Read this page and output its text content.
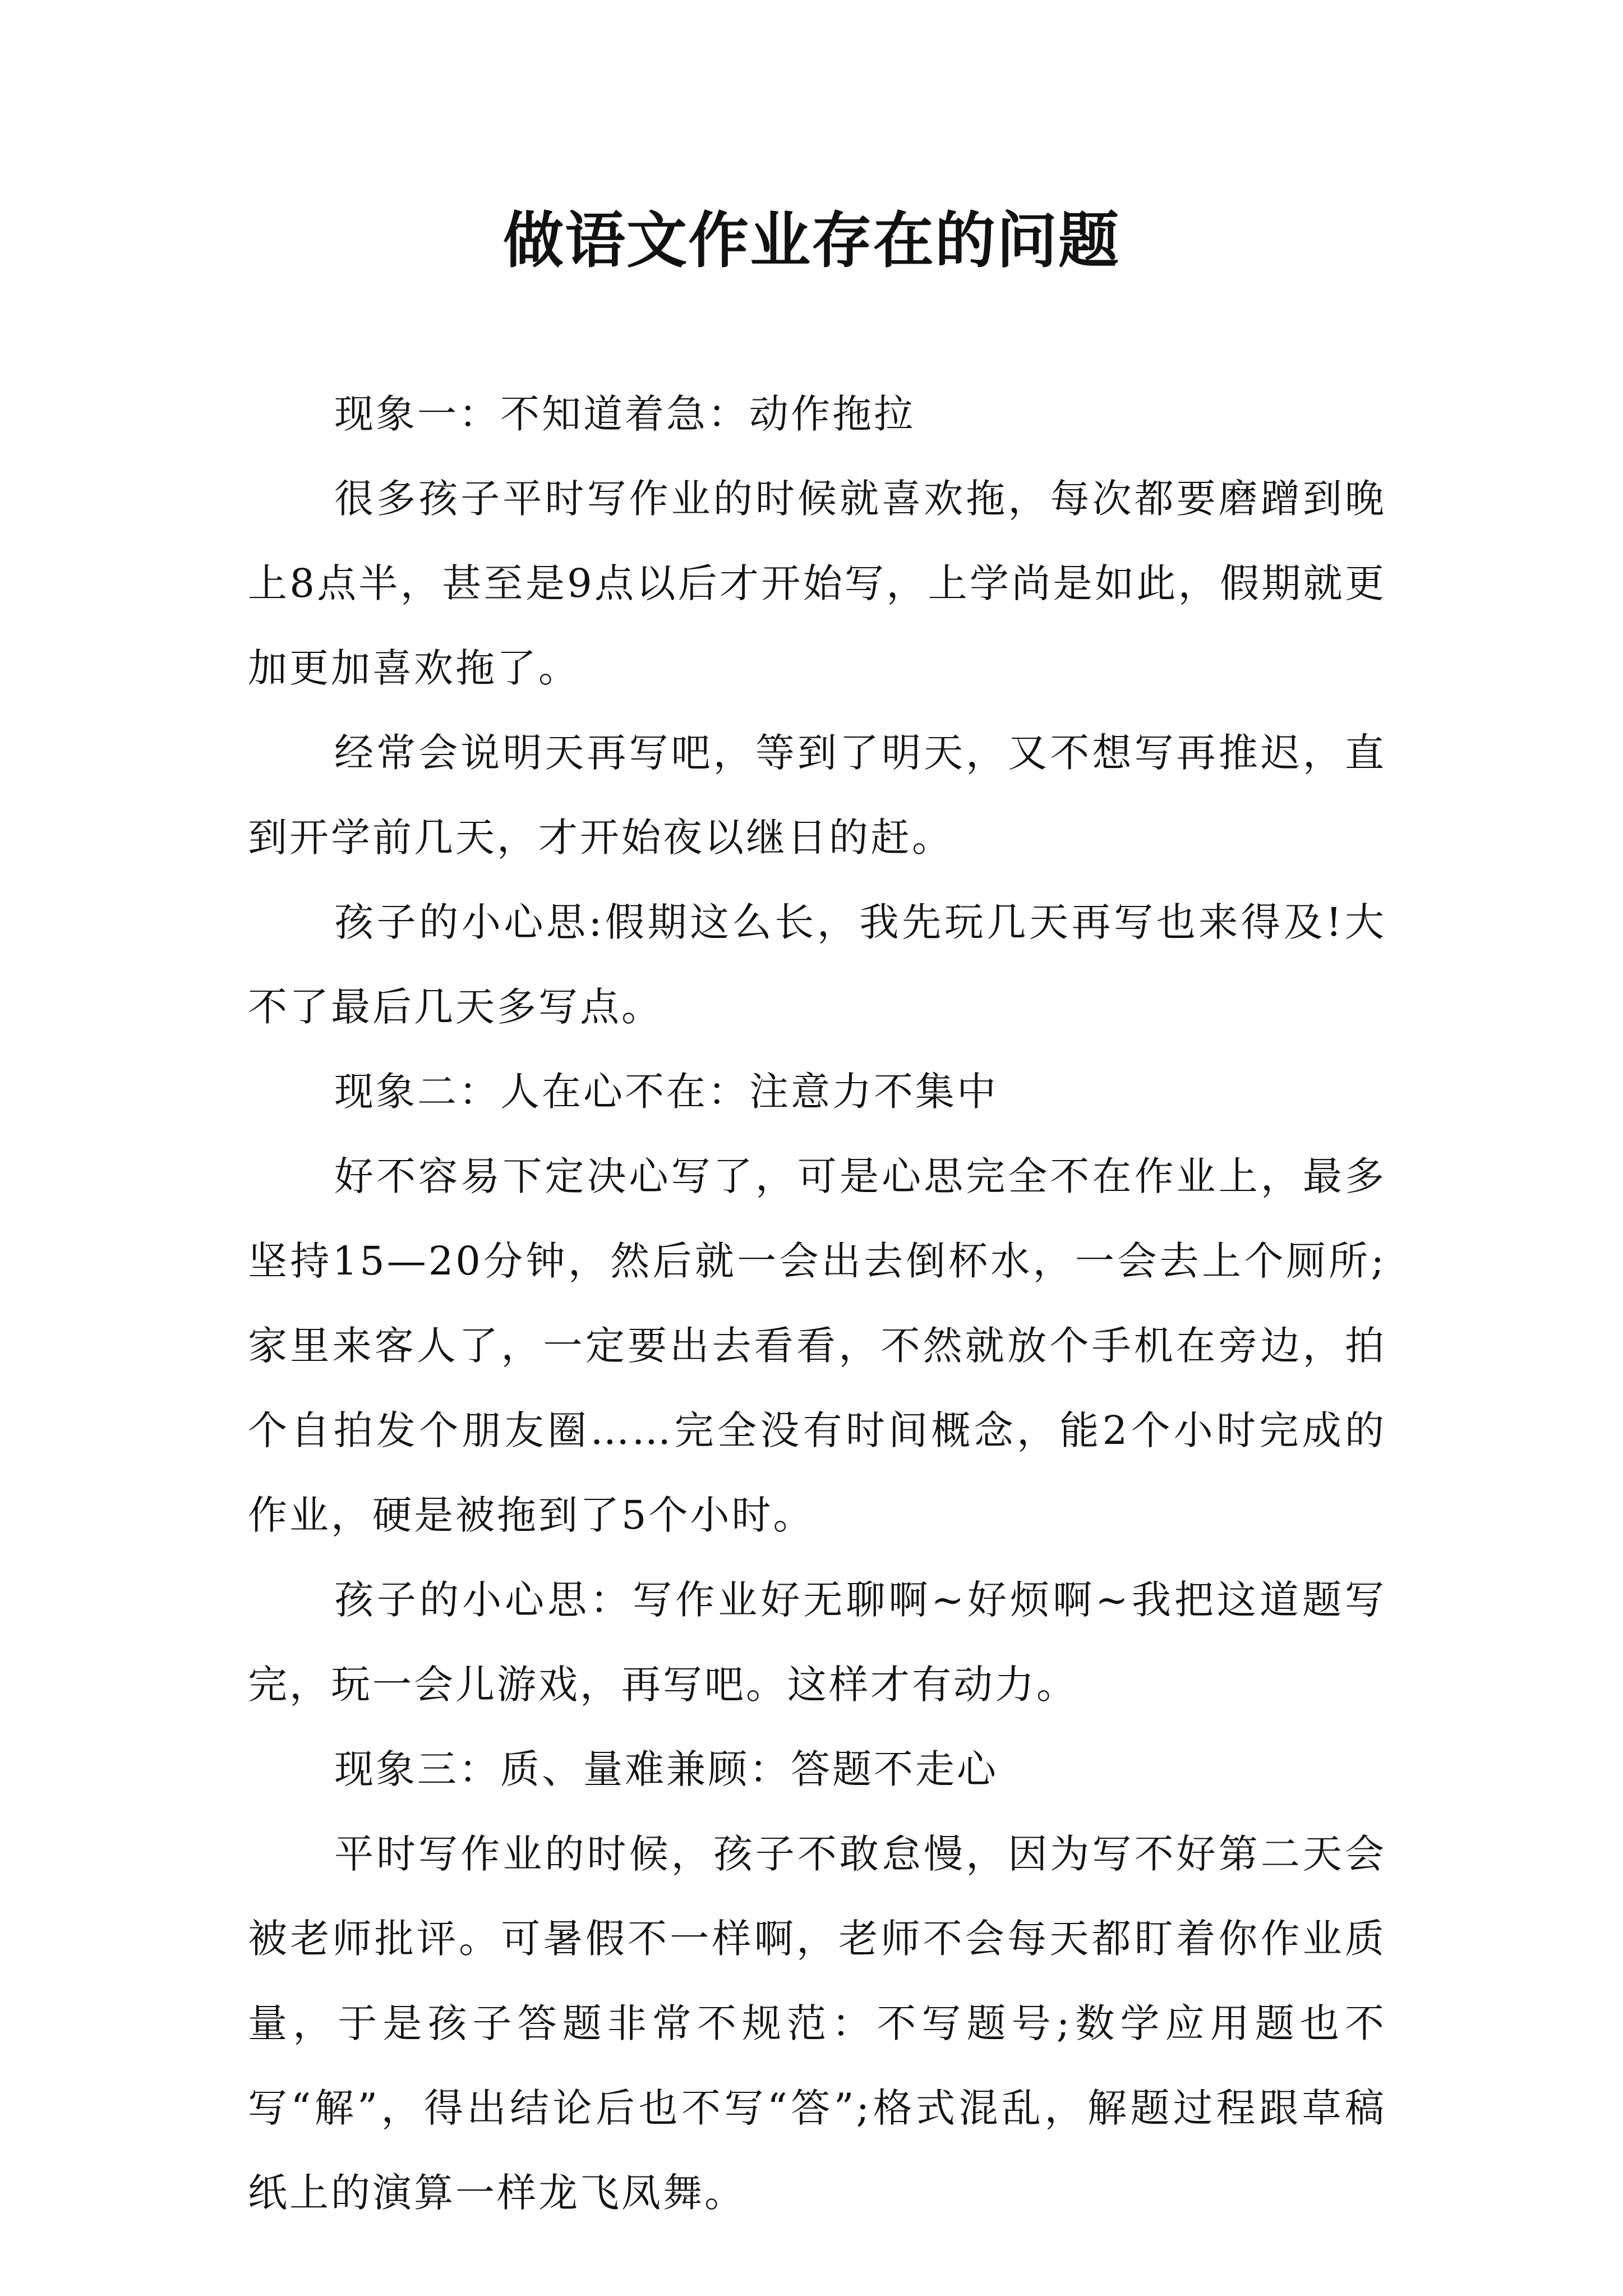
做语文作业存在的问题

现象一：不知道着急：动作拖拉

很多孩子平时写作业的时候就喜欢拖，每次都要磨蹭到晚上8点半，甚至是9点以后才开始写，上学尚是如此，假期就更加更加喜欢拖了。

经常会说明天再写吧，等到了明天，又不想写再推迟，直到开学前几天，才开始夜以继日的赶。

孩子的小心思:假期这么长，我先玩几天再写也来得及!大不了最后几天多写点。

现象二：人在心不在：注意力不集中

好不容易下定决心写了，可是心思完全不在作业上，最多坚持15—20分钟，然后就一会出去倒杯水，一会去上个厕所;家里来客人了，一定要出去看看，不然就放个手机在旁边，拍个自拍发个朋友圈……完全没有时间概念，能2个小时完成的作业，硬是被拖到了5个小时。

孩子的小心思：写作业好无聊啊~好烦啊~我把这道题写完，玩一会儿游戏，再写吧。这样才有动力。

现象三：质、量难兼顾：答题不走心

平时写作业的时候，孩子不敢怠慢，因为写不好第二天会被老师批评。可暑假不一样啊，老师不会每天都盯着你作业质量，于是孩子答题非常不规范：不写题号;数学应用题也不写“解”，得出结论后也不写“答”;格式混乱，解题过程跟草稿纸上的演算一样龙飞凤舞。
